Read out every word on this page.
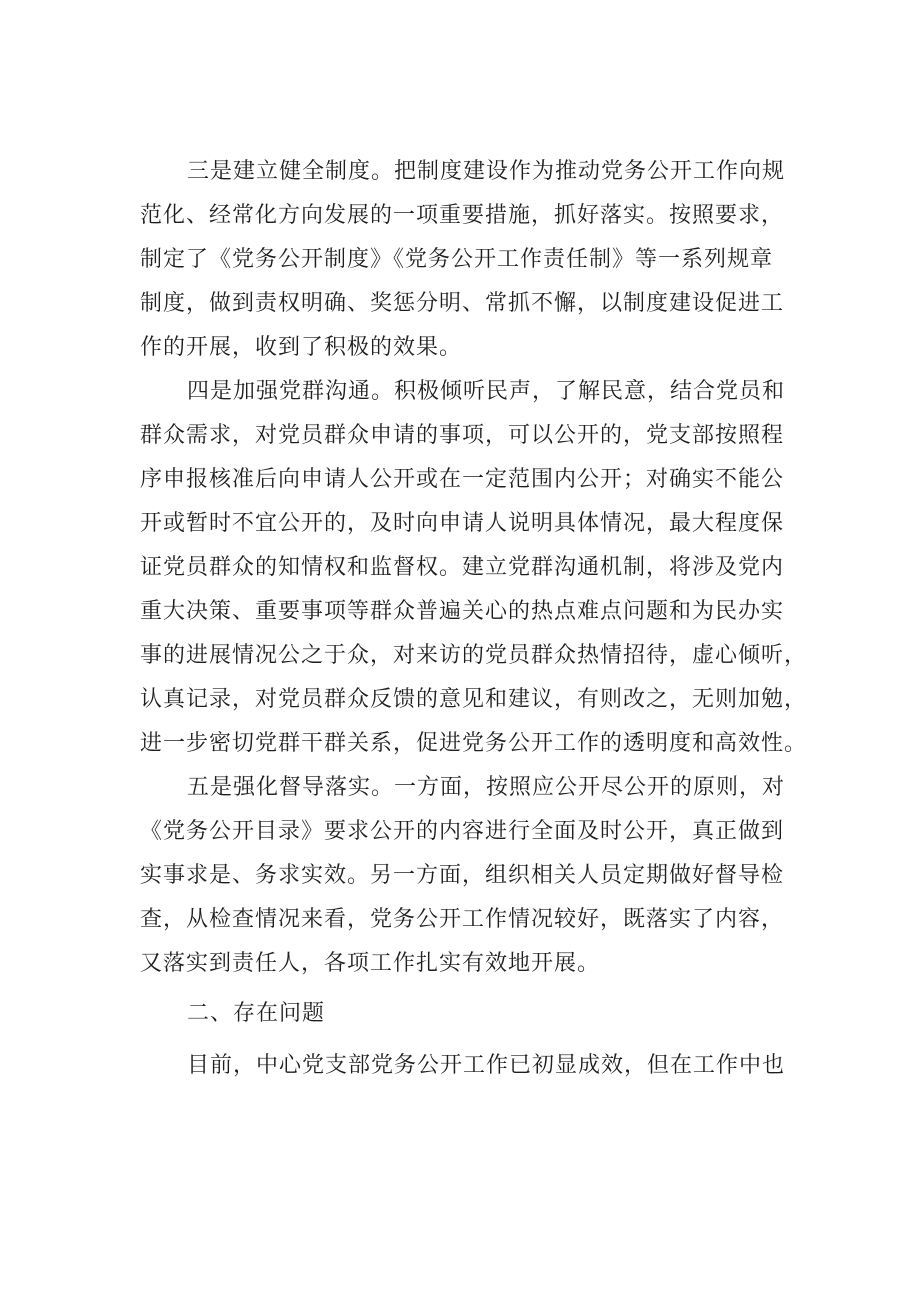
三是建立健全制度。把制度建设作为推动党务公开工作向规
范化、经常化方向发展的一项重要措施，抓好落实。按照要求，
制定了《党务公开制度》《党务公开工作责任制》等一系列规章
制度，做到责权明确、奖惩分明、常抓不懈，以制度建设促进工
作的开展，收到了积极的效果。
四是加强党群沟通。积极倾听民声，了解民意，结合党员和
群众需求，对党员群众申请的事项，可以公开的，党支部按照程
序申报核准后向申请人公开或在一定范围内公开；对确实不能公
开或暂时不宜公开的，及时向申请人说明具体情况，最大程度保
证党员群众的知情权和监督权。建立党群沟通机制，将涉及党内
重大决策、重要事项等群众普遍关心的热点难点问题和为民办实
事的进展情况公之于众，对来访的党员群众热情招待，虚心倾听，
认真记录，对党员群众反馈的意见和建议，有则改之，无则加勉，
进一步密切党群干群关系，促进党务公开工作的透明度和高效性。
五是强化督导落实。一方面，按照应公开尽公开的原则，对
《党务公开目录》要求公开的内容进行全面及时公开，真正做到
实事求是、务求实效。另一方面，组织相关人员定期做好督导检
查，从检查情况来看，党务公开工作情况较好，既落实了内容，
又落实到责任人，各项工作扎实有效地开展。
二、存在问题
目前，中心党支部党务公开工作已初显成效，但在工作中也
